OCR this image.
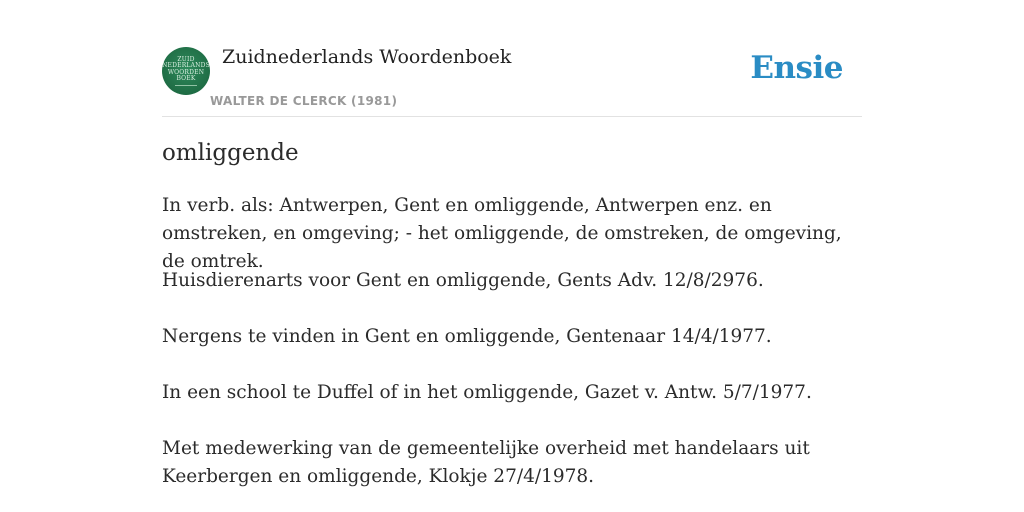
ZUID
NEDERLANDS
WOORDEN
BOEK
Zuidnederlands Woordenboek
WALTER DE CLERCK (1981)
Ensie
omliggende

In verb. als: Antwerpen, Gent en omliggende, Antwerpen enz. en omstreken, en omgeving; - het omliggende, de omstreken, de omgeving, de omtrek.

Huisdierenarts voor Gent en omliggende, Gents Adv. 12/8/2976.

Nergens te vinden in Gent en omliggende, Gentenaar 14/4/1977.

In een school te Duffel of in het omliggende, Gazet v. Antw. 5/7/1977.

Met medewerking van de gemeentelijke overheid met handelaars uit Keerbergen en omliggende, Klokje 27/4/1978.
